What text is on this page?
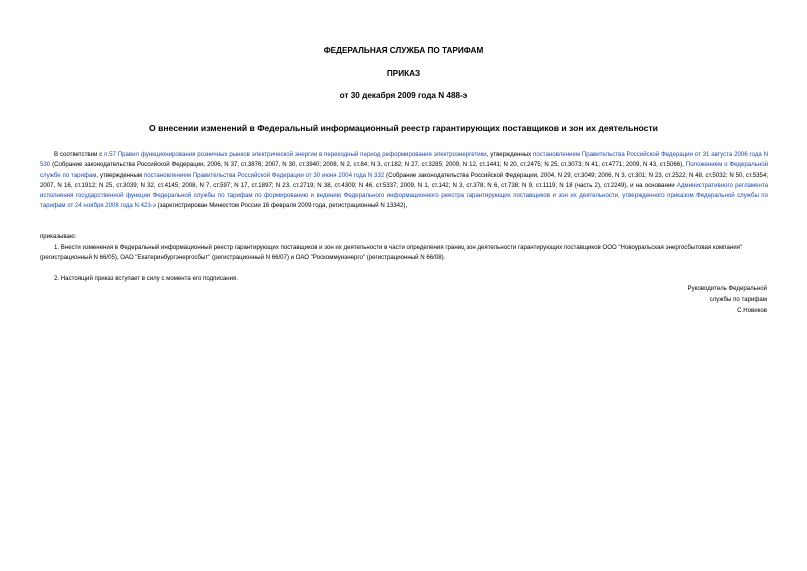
ФЕДЕРАЛЬНАЯ СЛУЖБА ПО ТАРИФАМ
ПРИКАЗ
от 30 декабря 2009 года N 488-э
О внесении изменений в Федеральный информационный реестр гарантирующих поставщиков и зон их деятельности
В соответствии с п.57 Правил функционирования розничных рынков электрической энергии в переходный период реформирования электроэнергетики, утвержденных постановлением Правительства Российской Федерации от 31 августа 2006 года N 530 (Собрание законодательства Российской Федерации, 2006, N 37, ст.3876; 2007, N 30, ст.3940; 2008, N 2, ст.84; N 3, ст.182; N 27, ст.3285; 2009, N 12, ст.1441; N 20, ст.2475; N 25, ст.3073; N 41, ст.4771; 2009, N 43, ст.5066), Положением о Федеральной службе по тарифам, утвержденным постановлением Правительства Российской Федерации от 30 июня 2004 года N 332 (Собрание законодательства Российской Федерации, 2004, N 29, ст.3049; 2006, N 3, ст.301; N 23, ст.2522; N 48, ст.5032; N 50, ст.5354; 2007, N 16, ст.1912; N 25, ст.3039; N 32, ст.4145; 2008, N 7, ст.597; N 17, ст.1897; N 23, ст.2719; N 38, ст.4309; N 46, ст.5337; 2009, N 1, ст.142; N 3, ст.378; N 6, ст.738; N 9, ст.1119; N 18 (часть 2), ст.2249), и на основании Административного регламента исполнения государственной функции Федеральной службы по тарифам по формированию и ведению Федерального информационного реестра гарантирующих поставщиков и зон их деятельности, утвержденного приказом Федеральной службы по тарифам от 24 ноября 2008 года N 423-э (зарегистрирован Минюстом России 16 февраля 2009 года, регистрационный N 13342),
приказываю:
1. Внести изменения в Федеральный информационный реестр гарантирующих поставщиков и зон их деятельности в части определения границ зон деятельности гарантирующих поставщиков ООО "Новоуральская энергосбытовая компания" (регистрационный N 66/05), ОАО "Екатеринбургэнергосбыт" (регистрационный N 66/07) и ОАО "Роскоммунэнерго" (регистрационный N 66/08).
2. Настоящий приказ вступает в силу с момента его подписания.
Руководитель Федеральной
службы по тарифам
С.Новиков
